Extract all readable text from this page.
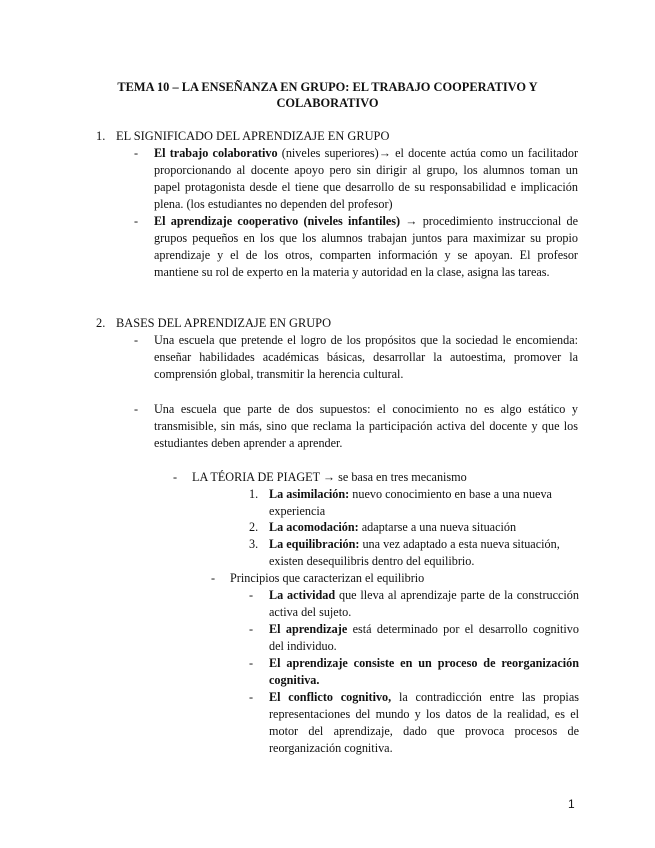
TEMA 10 – LA ENSEÑANZA EN GRUPO: EL TRABAJO COOPERATIVO Y COLABORATIVO
1. EL SIGNIFICADO DEL APRENDIZAJE EN GRUPO
- El trabajo colaborativo (niveles superiores)→ el docente actúa como un facilitador proporcionando al docente apoyo pero sin dirigir al grupo, los alumnos toman un papel protagonista desde el tiene que desarrollo de su responsabilidad e implicación plena. (los estudiantes no dependen del profesor)
- El aprendizaje cooperativo (niveles infantiles) → procedimiento instruccional de grupos pequeños en los que los alumnos trabajan juntos para maximizar su propio aprendizaje y el de los otros, comparten información y se apoyan. El profesor mantiene su rol de experto en la materia y autoridad en la clase, asigna las tareas.
2. BASES DEL APRENDIZAJE EN GRUPO
- Una escuela que pretende el logro de los propósitos que la sociedad le encomienda: enseñar habilidades académicas básicas, desarrollar la autoestima, promover la comprensión global, transmitir la herencia cultural.
- Una escuela que parte de dos supuestos: el conocimiento no es algo estático y transmisible, sin más, sino que reclama la participación activa del docente y que los estudiantes deben aprender a aprender.
- LA TÉORIA DE PIAGET → se basa en tres mecanismo
1. La asimilación: nuevo conocimiento en base a una nueva experiencia
2. La acomodación: adaptarse a una nueva situación
3. La equilibración: una vez adaptado a esta nueva situación, existen desequilibris dentro del equilibrio.
- Principios que caracterizan el equilibrio
- La actividad que lleva al aprendizaje parte de la construcción activa del sujeto.
- El aprendizaje está determinado por el desarrollo cognitivo del individuo.
- El aprendizaje consiste en un proceso de reorganización cognitiva.
- El conflicto cognitivo, la contradicción entre las propias representaciones del mundo y los datos de la realidad, es el motor del aprendizaje, dado que provoca procesos de reorganización cognitiva.
1
